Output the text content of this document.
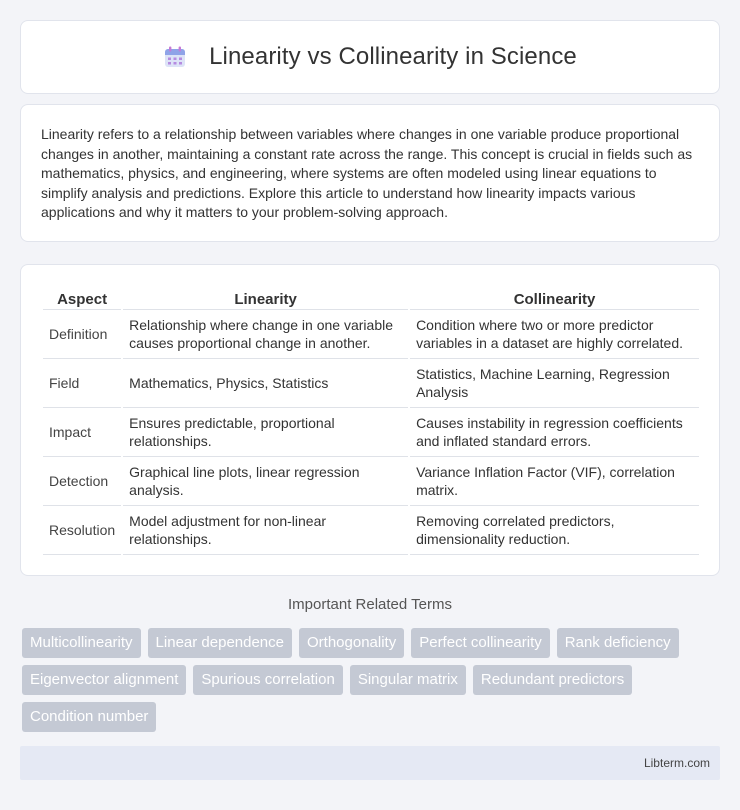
Linearity vs Collinearity in Science

Linearity refers to a relationship between variables where changes in one variable produce proportional changes in another, maintaining a constant rate across the range. This concept is crucial in fields such as mathematics, physics, and engineering, where systems are often modeled using linear equations to simplify analysis and predictions. Explore this article to understand how linearity impacts various applications and why it matters to your problem-solving approach.

Aspect	Linearity	Collinearity
Definition	Relationship where change in one variable causes proportional change in another.	Condition where two or more predictor variables in a dataset are highly correlated.
Field	Mathematics, Physics, Statistics	Statistics, Machine Learning, Regression Analysis
Impact	Ensures predictable, proportional relationships.	Causes instability in regression coefficients and inflated standard errors.
Detection	Graphical line plots, linear regression analysis.	Variance Inflation Factor (VIF), correlation matrix.
Resolution	Model adjustment for non-linear relationships.	Removing correlated predictors, dimensionality reduction.
Important Related Terms
Multicollinearity	Linear dependence	Orthogonality	Perfect collinearity	Rank deficiency
Eigenvector alignment	Spurious correlation	Singular matrix	Redundant predictors
Condition number
Libterm.com
